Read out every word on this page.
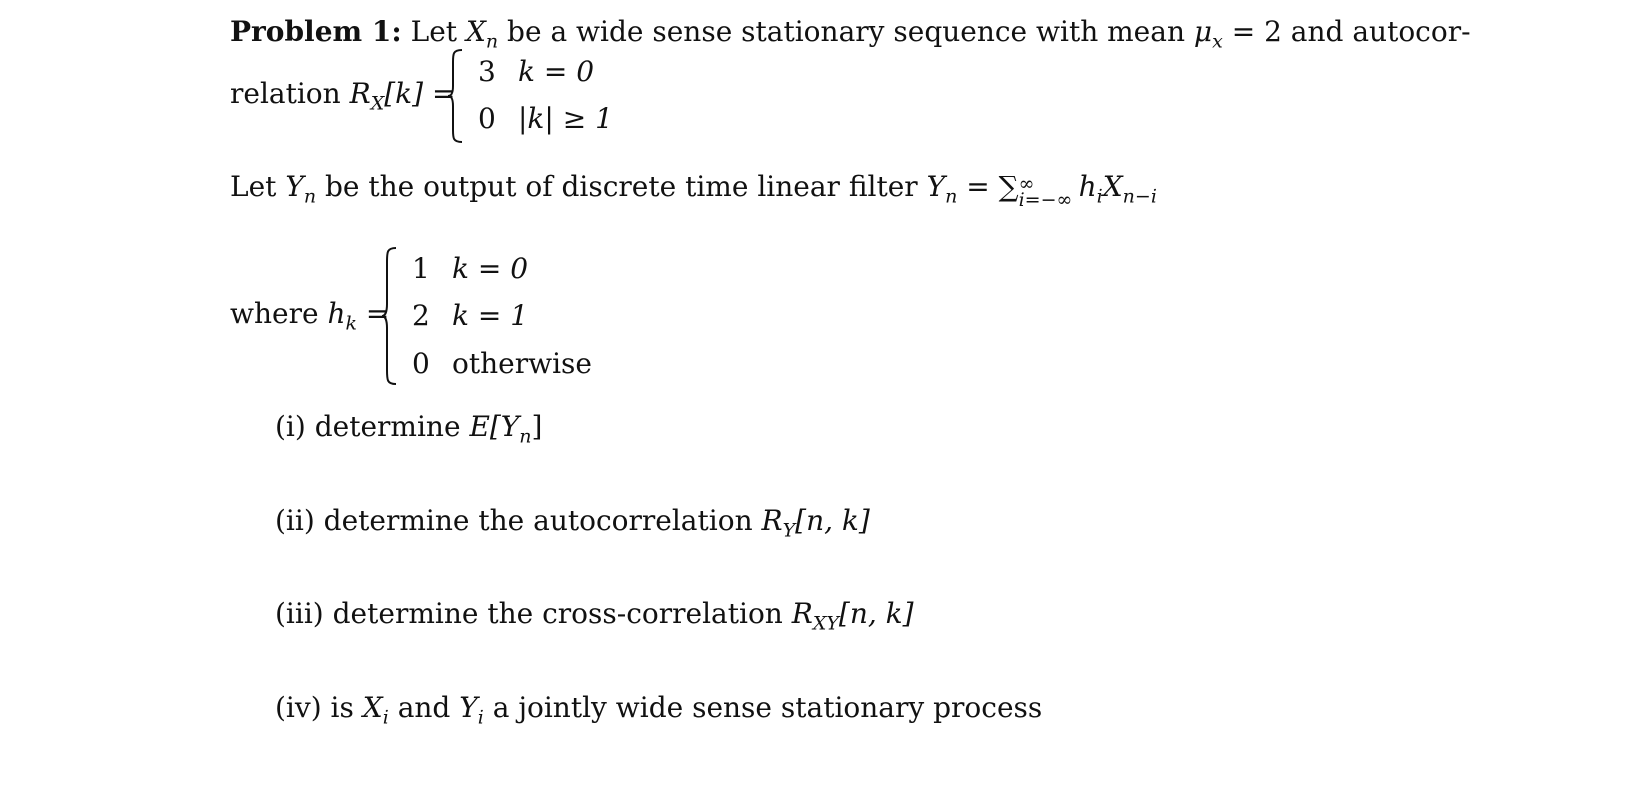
Problem 1: Let $X_n$ be a wide sense stationary sequence with mean $\mu_x = 2$ and autocor-
relation $R_X[k]$ =
3 k = 0
0 |k| ≥ 1
Let $Y_n$ be the output of discrete time linear filter $Y_n$ = ∑ ∞
i=−∞ $h_iX_{n-i}$
where $h_k$ =
1 k = 0
2 k = 1
0 otherwise
(i) determine $E[Y_n]$
(ii) determine the autocorrelation $R_Y[n$, k]
(iii) determine the cross-correlation $R_{XY}[n$, k]
(iv) is $X_i$ and $Y_i$ a jointly wide sense stationary process
